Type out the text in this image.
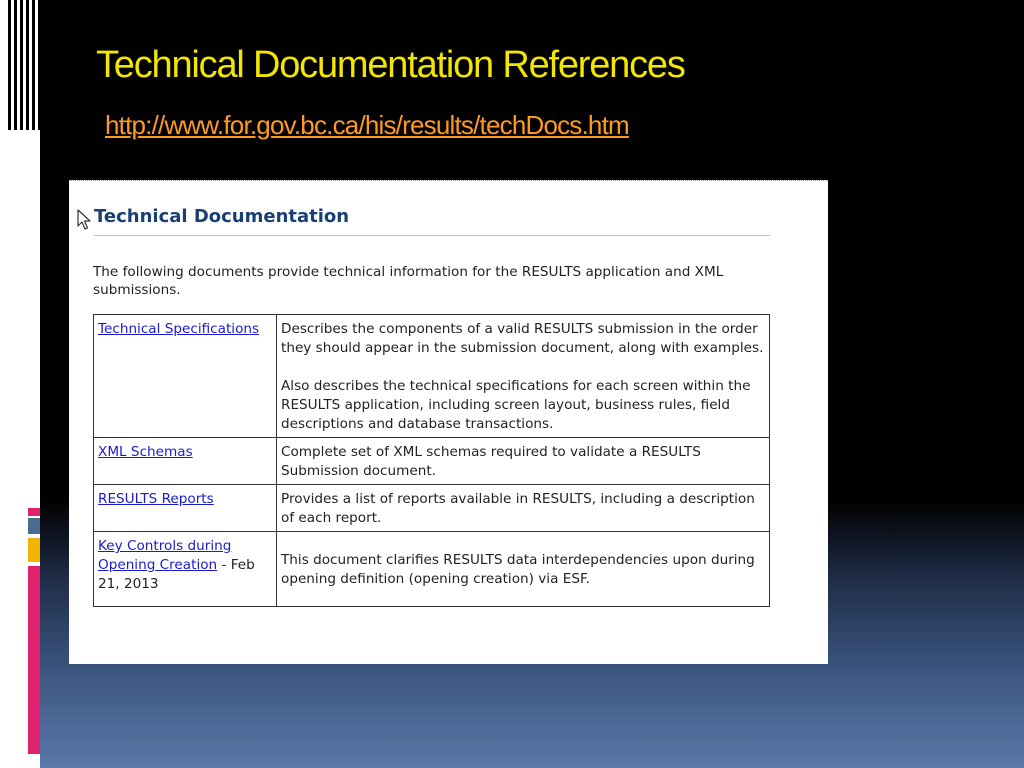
Technical Documentation References
http://www.for.gov.bc.ca/his/results/techDocs.htm
Technical Documentation

The following documents provide technical information for the RESULTS application and XML submissions.

Technical Specifications	Describes the components of a valid RESULTS submission in the order they should appear in the submission document, along with examples.

Also describes the technical specifications for each screen within the RESULTS application, including screen layout, business rules, field descriptions and database transactions.

XML Schemas	Complete set of XML schemas required to validate a RESULTS Submission document.

RESULTS Reports	Provides a list of reports available in RESULTS, including a description of each report.

Key Controls during Opening Creation - Feb 21, 2013	This document clarifies RESULTS data interdependencies upon during opening definition (opening creation) via ESF.
